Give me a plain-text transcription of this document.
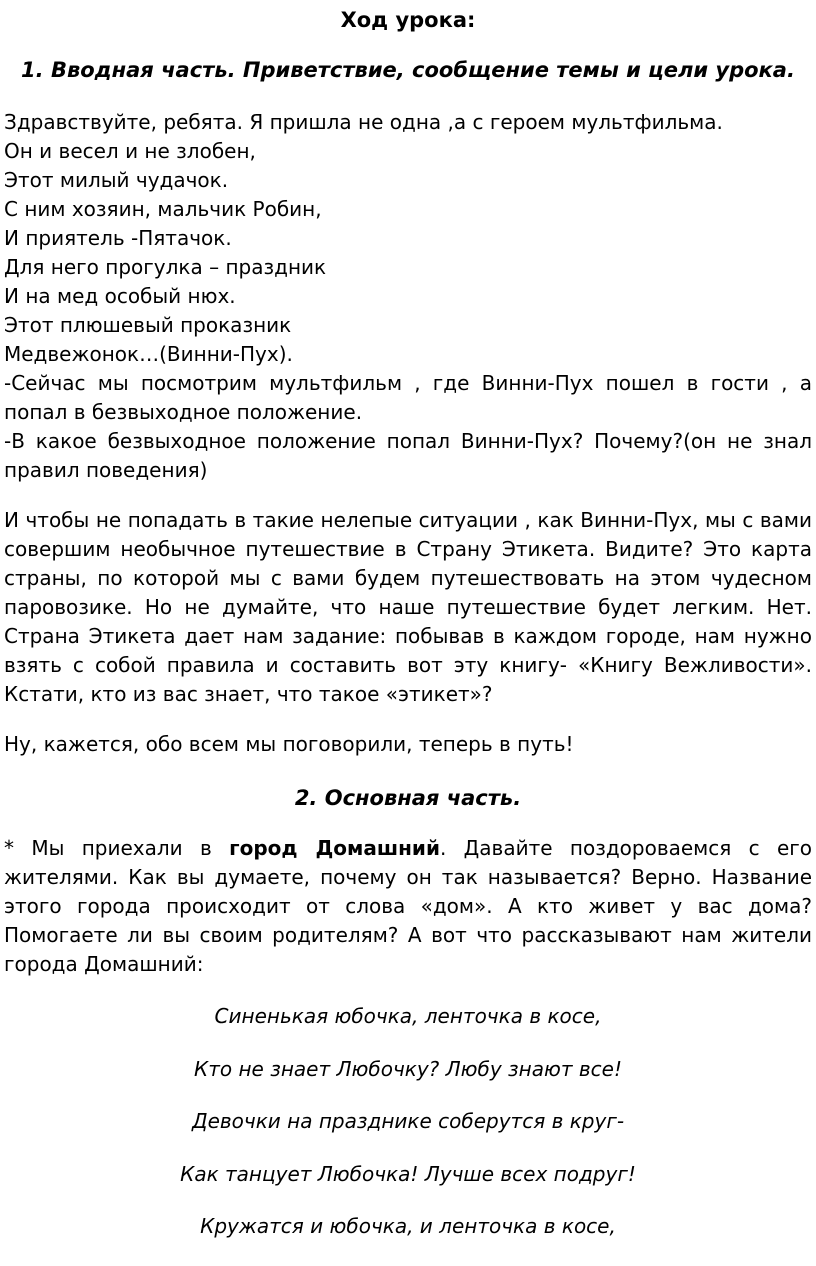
Ход урока:
1. Вводная часть. Приветствие, сообщение темы и цели урока.
Здравствуйте, ребята. Я пришла не одна ,а с героем мультфильма.
Он и весел и не злобен,
Этот милый чудачок.
С ним хозяин, мальчик Робин,
И приятель -Пятачок.
Для него прогулка – праздник
И на мед особый нюх.
Этот плюшевый проказник
Медвежонок…(Винни-Пух).
-Сейчас мы посмотрим мультфильм , где Винни-Пух пошел в гости , а
попал в безвыходное положение.
-В какое безвыходное положение попал Винни-Пух? Почему?(он не знал
правил поведения)
И чтобы не попадать в такие нелепые ситуации , как Винни-Пух, мы с вами
совершим необычное путешествие в Страну Этикета. Видите? Это карта
страны, по которой мы с вами будем путешествовать на этом чудесном
паровозике. Но не думайте, что наше путешествие будет легким. Нет.
Страна Этикета дает нам задание: побывав в каждом городе, нам нужно
взять с собой правила и составить вот эту книгу- «Книгу Вежливости».
Кстати, кто из вас знает, что такое «этикет»?
Ну, кажется, обо всем мы поговорили, теперь в путь!
2. Основная часть.
* Мы приехали в город Домашний. Давайте поздороваемся с его
жителями. Как вы думаете, почему он так называется? Верно. Название
этого города происходит от слова «дом». А кто живет у вас дома?
Помогаете ли вы своим родителям? А вот что рассказывают нам жители
города Домашний:
Синенькая юбочка, ленточка в косе,
Кто не знает Любочку? Любу знают все!
Девочки на празднике соберутся в круг-
Как танцует Любочка! Лучше всех подруг!
Кружатся и юбочка, и ленточка в косе,
